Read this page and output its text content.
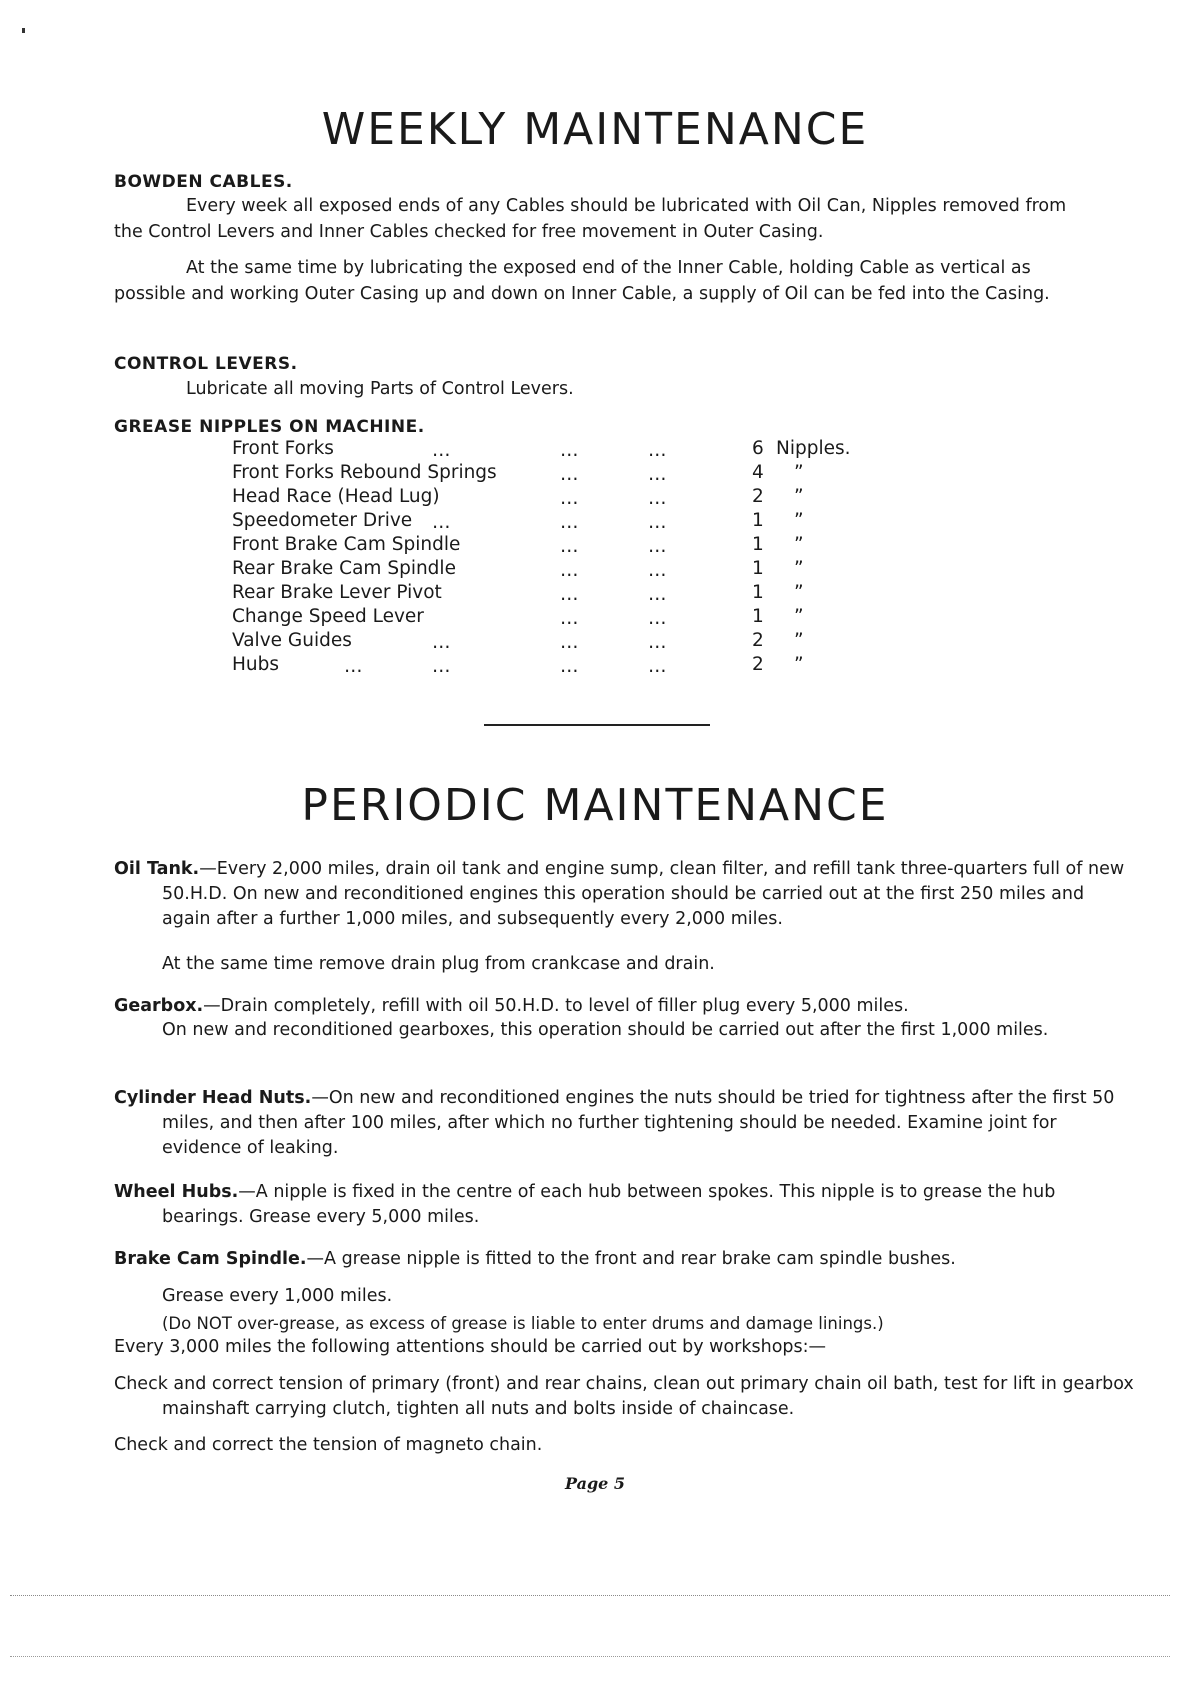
WEEKLY MAINTENANCE
BOWDEN CABLES.
Every week all exposed ends of any Cables should be lubricated with Oil Can, Nipples removed from the Control Levers and Inner Cables checked for free movement in Outer Casing.
At the same time by lubricating the exposed end of the Inner Cable, holding Cable as vertical as possible and working Outer Casing up and down on Inner Cable, a supply of Oil can be fed into the Casing.
CONTROL LEVERS.
Lubricate all moving Parts of Control Levers.
GREASE NIPPLES ON MACHINE.
Front Forks	…	…	…	6 Nipples.
Front Forks Rebound Springs	…	…	4	”
Head Race (Head Lug)	…	…	2	”
Speedometer Drive …	…	…	1	”
Front Brake Cam Spindle	…	…	1	”
Rear Brake Cam Spindle	…	…	1	”
Rear Brake Lever Pivot	…	…	1	”
Change Speed Lever	…	…	1	”
Valve Guides	…	…	…	2	”
Hubs	…	…	…	…	2	”
PERIODIC MAINTENANCE
Oil Tank.—Every 2,000 miles, drain oil tank and engine sump, clean filter, and refill tank three-quarters full of new 50.H.D. On new and reconditioned engines this operation should be carried out at the first 250 miles and again after a further 1,000 miles, and subsequently every 2,000 miles.
At the same time remove drain plug from crankcase and drain.
Gearbox.—Drain completely, refill with oil 50.H.D. to level of filler plug every 5,000 miles.
On new and reconditioned gearboxes, this operation should be carried out after the first 1,000 miles.
Cylinder Head Nuts.—On new and reconditioned engines the nuts should be tried for tightness after the first 50 miles, and then after 100 miles, after which no further tightening should be needed. Examine joint for evidence of leaking.
Wheel Hubs.—A nipple is fixed in the centre of each hub between spokes. This nipple is to grease the hub bearings. Grease every 5,000 miles.
Brake Cam Spindle.—A grease nipple is fitted to the front and rear brake cam spindle bushes.
Grease every 1,000 miles.
(Do NOT over-grease, as excess of grease is liable to enter drums and damage linings.)
Every 3,000 miles the following attentions should be carried out by workshops:—
Check and correct tension of primary (front) and rear chains, clean out primary chain oil bath, test for lift in gearbox mainshaft carrying clutch, tighten all nuts and bolts inside of chaincase.
Check and correct the tension of magneto chain.
Page 5
